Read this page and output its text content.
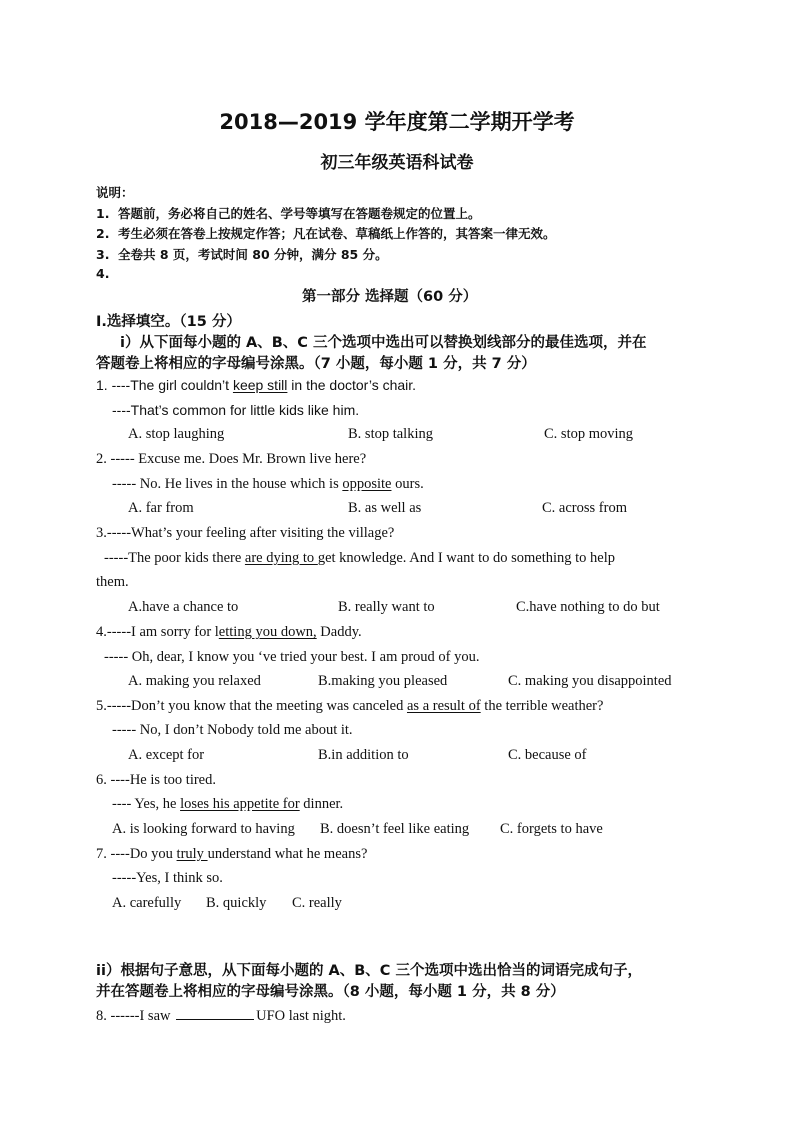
2018—2019 学年度第二学期开学考
初三年级英语科试卷
说明：
1. 答题前，务必将自己的姓名、学号等填写在答题卷规定的位置上。
2. 考生必须在答卷上按规定作答；凡在试卷、草稿纸上作答的，其答案一律无效。
3. 全卷共 8 页，考试时间 80 分钟，满分 85 分。
4.
第一部分 选择题（60 分）
I.选择填空。（15 分）
i）从下面每小题的 A、B、C 三个选项中选出可以替换划线部分的最佳选项，并在
答题卷上将相应的字母编号涂黑。（7 小题，每小题 1 分，共 7 分）
1. ----The girl couldn’t keep still in the doctor’s chair.
----That’s common for little kids like him.
A. stop laughing	B. stop talking	C. stop moving
2. ----- Excuse me. Does Mr. Brown live here?
----- No. He lives in the house which is opposite ours.
A. far from	B. as well as	C. across from
3.-----What’s your feeling after visiting the village?
-----The poor kids there are dying to get knowledge. And I want to do something to help
them.
A.have a chance to	B. really want to	C.have nothing to do but
4.-----I am sorry for letting you down, Daddy.
----- Oh, dear, I know you ‘ve tried your best. I am proud of you.
A. making you relaxed	B.making you pleased	C. making you disappointed
5.-----Don’t you know that the meeting was canceled as a result of the terrible weather?
----- No, I don’t Nobody told me about it.
A. except for	B.in addition to	C. because of
6. ----He is too tired.
---- Yes, he loses his appetite for dinner.
A. is looking forward to having B. doesn’t feel like eating C. forgets to have
7. ----Do you truly understand what he means?
-----Yes, I think so.
A. carefully B. quickly C. really
ii）根据句子意思，从下面每小题的 A、B、C 三个选项中选出恰当的词语完成句子，
并在答题卷上将相应的字母编号涂黑。（8 小题，每小题 1 分，共 8 分）
8. ------I saw	UFO last night.
